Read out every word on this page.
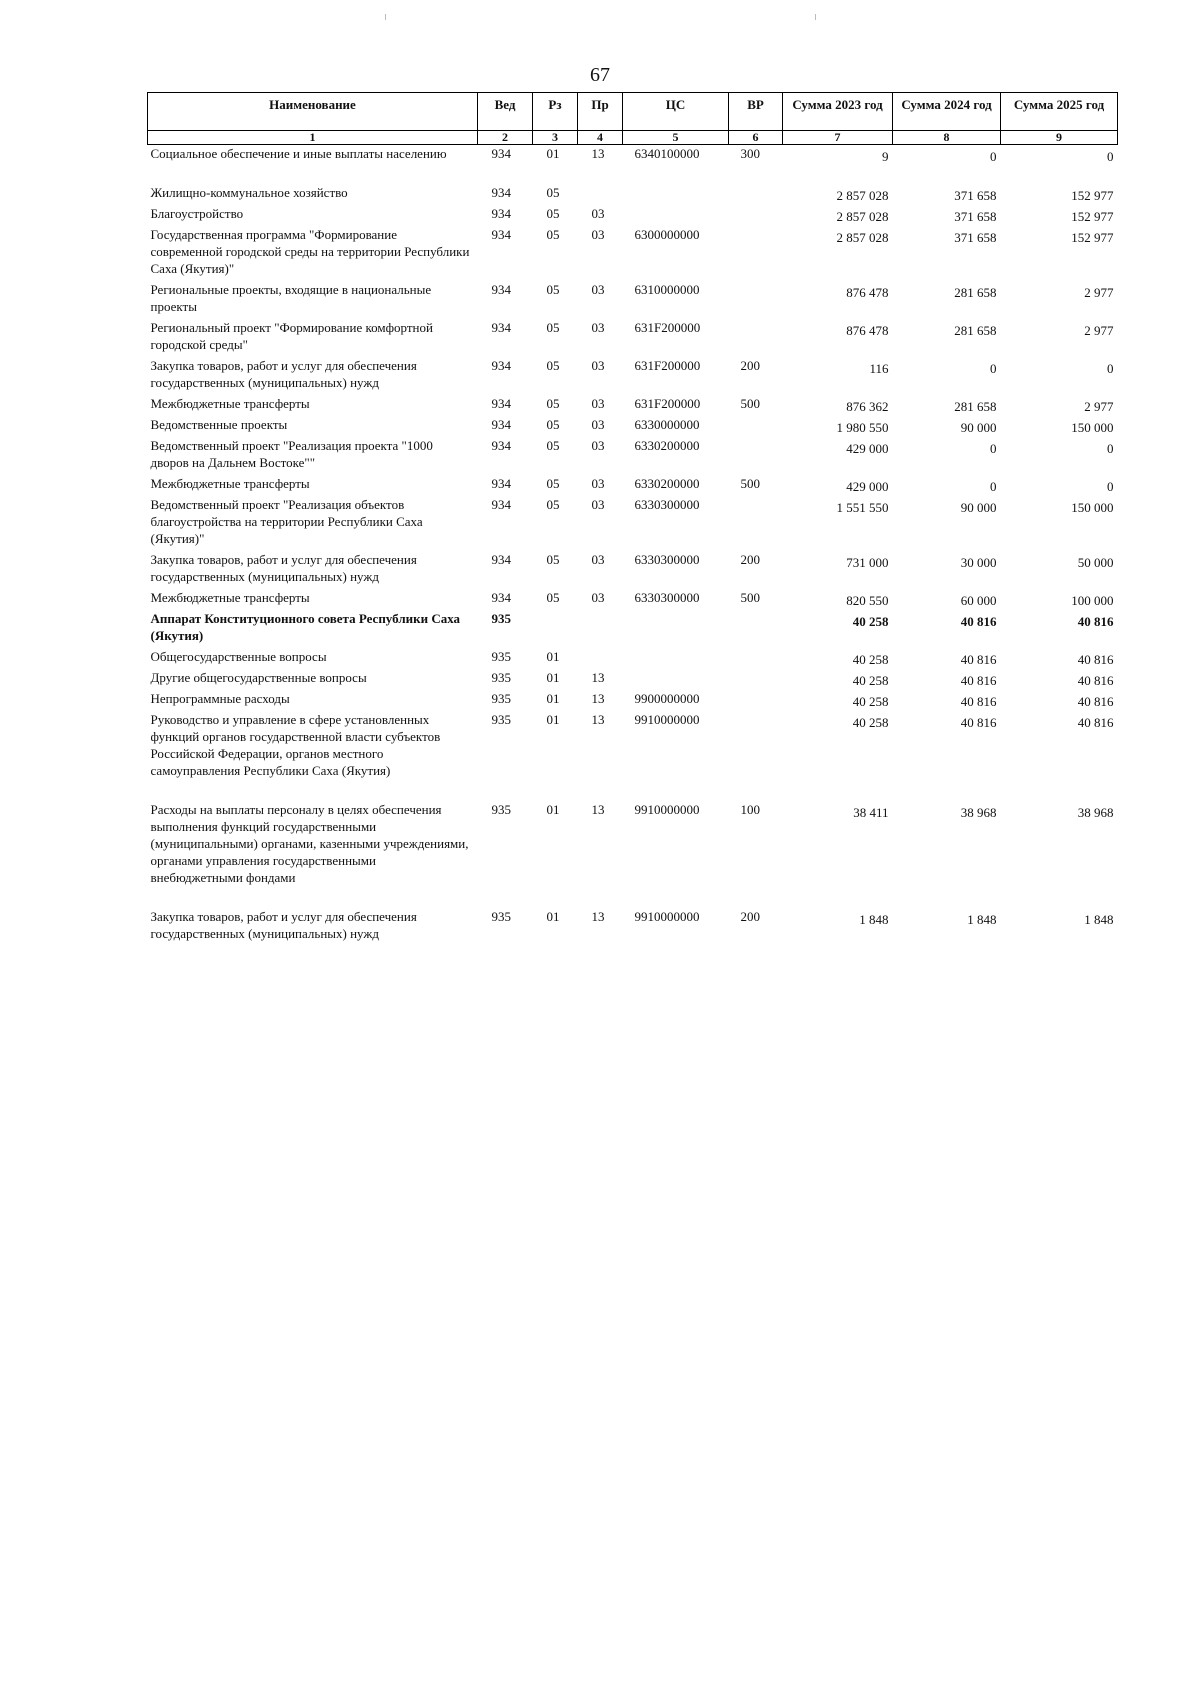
67
Наименование	Вед	Рз	Пр	ЦС	ВР	Сумма 2023 год	Сумма 2024 год	Сумма 2025 год
1	2	3	4	5	6	7	8	9
Социальное обеспечение и иные выплаты населению	934	01	13	6340100000	300	9	0	0
Жилищно-коммунальное хозяйство	934	05				2 857 028	371 658	152 977
Благоустройство	934	05	03			2 857 028	371 658	152 977
Государственная программа "Формирование современной городской среды на территории Республики Саха (Якутия)"	934	05	03	6300000000		2 857 028	371 658	152 977
Региональные проекты, входящие в национальные проекты	934	05	03	6310000000		876 478	281 658	2 977
Региональный проект "Формирование комфортной городской среды"	934	05	03	631F200000		876 478	281 658	2 977
Закупка товаров, работ и услуг для обеспечения государственных (муниципальных) нужд	934	05	03	631F200000	200	116	0	0
Межбюджетные трансферты	934	05	03	631F200000	500	876 362	281 658	2 977
Ведомственные проекты	934	05	03	6330000000		1 980 550	90 000	150 000
Ведомственный проект "Реализация проекта "1000 дворов на Дальнем Востоке""	934	05	03	6330200000		429 000	0	0
Межбюджетные трансферты	934	05	03	6330200000	500	429 000	0	0
Ведомственный проект "Реализация объектов благоустройства на территории Республики Саха (Якутия)"	934	05	03	6330300000		1 551 550	90 000	150 000
Закупка товаров, работ и услуг для обеспечения государственных (муниципальных) нужд	934	05	03	6330300000	200	731 000	30 000	50 000
Межбюджетные трансферты	934	05	03	6330300000	500	820 550	60 000	100 000
Аппарат Конституционного совета Республики Саха (Якутия)	935					40 258	40 816	40 816
Общегосударственные вопросы	935	01				40 258	40 816	40 816
Другие общегосударственные вопросы	935	01	13			40 258	40 816	40 816
Непрограммные расходы	935	01	13	9900000000		40 258	40 816	40 816
Руководство и управление в сфере установленных функций органов государственной власти субъектов Российской Федерации, органов местного самоуправления Республики Саха (Якутия)	935	01	13	9910000000		40 258	40 816	40 816
Расходы на выплаты персоналу в целях обеспечения выполнения функций государственными (муниципальными) органами, казенными учреждениями, органами управления государственными внебюджетными фондами	935	01	13	9910000000	100	38 411	38 968	38 968
Закупка товаров, работ и услуг для обеспечения государственных (муниципальных) нужд	935	01	13	9910000000	200	1 848	1 848	1 848
